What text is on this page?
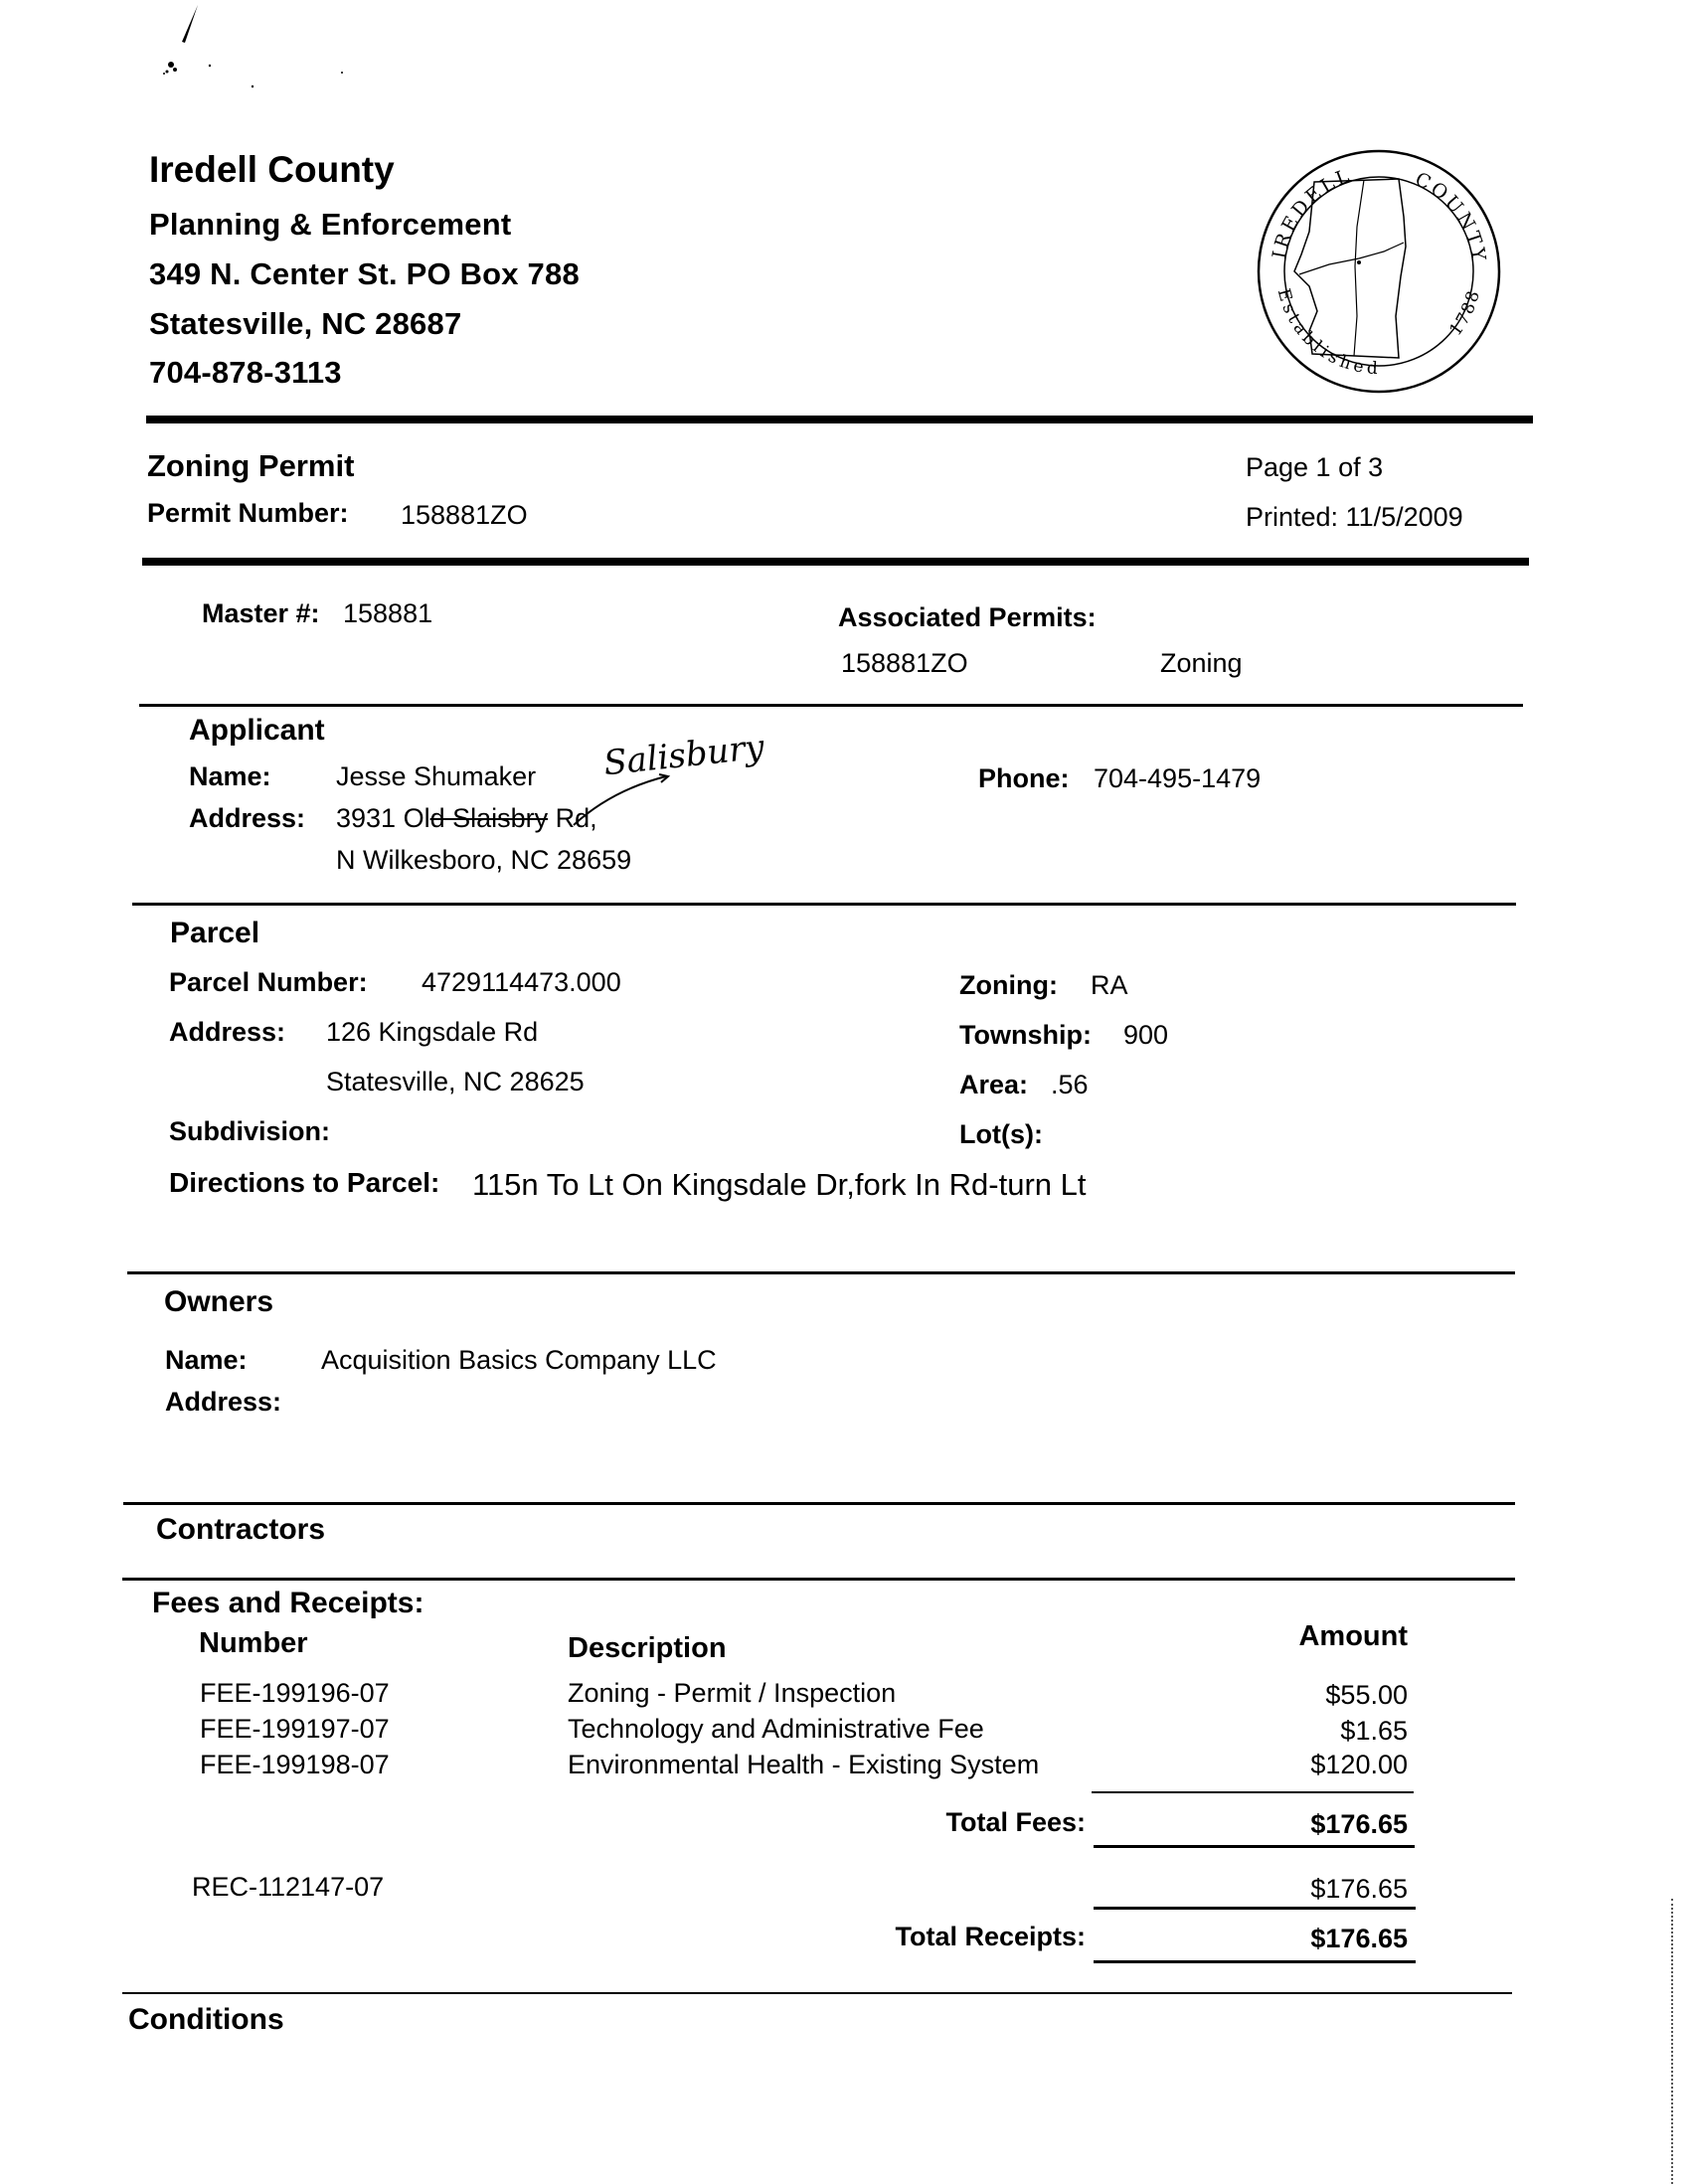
Iredell County
Planning & Enforcement
349 N. Center St. PO Box 788
Statesville, NC 28687
704-878-3113
IREDELL	COUNTY
Established
1788
Zoning Permit
Permit Number: 158881ZO
Page 1 of 3
Printed: 11/5/2009
Master #: 158881	Associated Permits:
158881ZO	Zoning
Applicant
Name: Jesse Shumaker Salisbury
Address: 3931 Old Slaisbry Rd,
N Wilkesboro, NC 28659
Phone: 704-495-1479
Parcel
Parcel Number: 4729114473.000
Address: 126 Kingsdale Rd
Statesville, NC 28625
Subdivision:
Zoning: RA
Township: 900
Area: .56
Lot(s):
Directions to Parcel: 115n To Lt On Kingsdale Dr,fork In Rd-turn Lt
Owners
Name:	Acquisition Basics Company LLC
Address:
Contractors
Fees and Receipts:
Number	Description	Amount
FEE-199196-07	Zoning - Permit / Inspection	$55.00
FEE-199197-07	Technology and Administrative Fee	$1.65
FEE-199198-07	Environmental Health - Existing System	$120.00
Total Fees:	$176.65
REC-112147-07	$176.65
Total Receipts:	$176.65
Conditions
